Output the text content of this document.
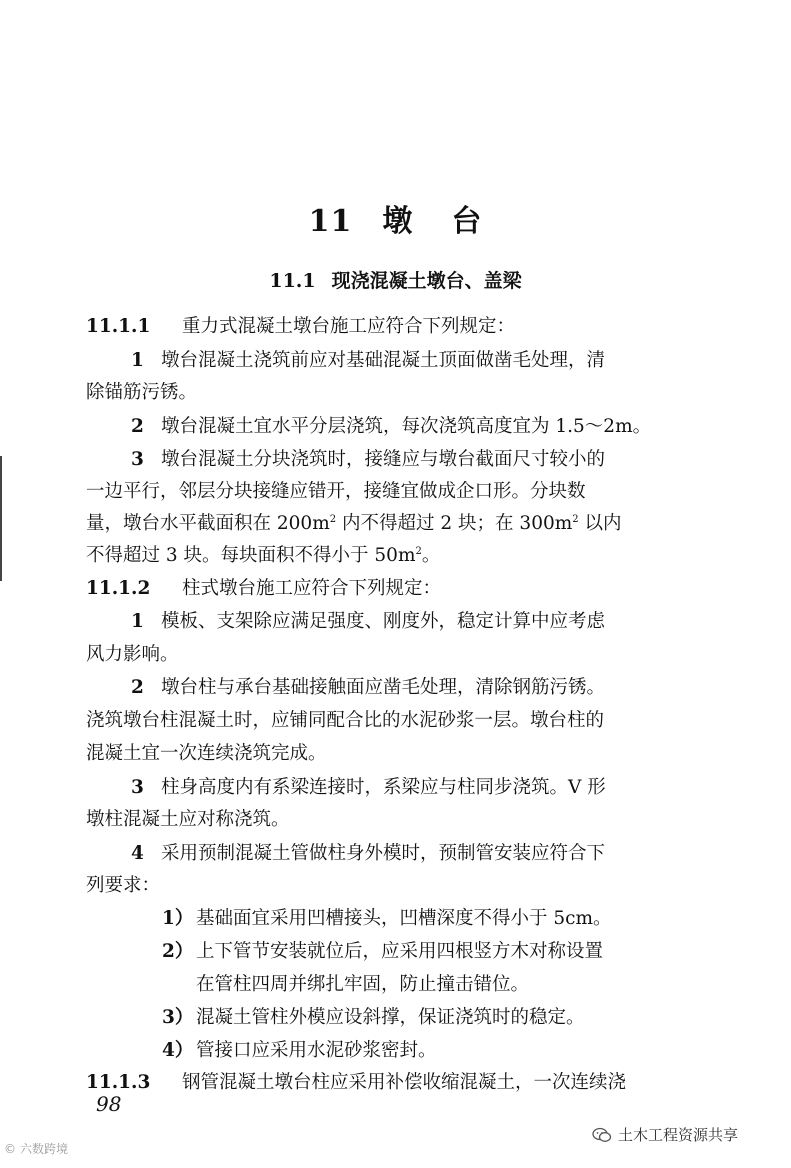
11 墩 台
11.1 现浇混凝土墩台、盖梁
11.1.1 重力式混凝土墩台施工应符合下列规定：
1 墩台混凝土浇筑前应对基础混凝土顶面做凿毛处理，清
除锚筋污锈。
2 墩台混凝土宜水平分层浇筑，每次浇筑高度宜为 1.5～2m。
3 墩台混凝土分块浇筑时，接缝应与墩台截面尺寸较小的
一边平行，邻层分块接缝应错开，接缝宜做成企口形。分块数
量，墩台水平截面积在 $200m^2$ 内不得超过 2 块；在 $300m^2$ 以内
不得超过 3 块。每块面积不得小于 $50m^2$。
11.1.2 柱式墩台施工应符合下列规定：
1 模板、支架除应满足强度、刚度外，稳定计算中应考虑
风力影响。
2 墩台柱与承台基础接触面应凿毛处理，清除钢筋污锈。
浇筑墩台柱混凝土时，应铺同配合比的水泥砂浆一层。墩台柱的
混凝土宜一次连续浇筑完成。
3 柱身高度内有系梁连接时，系梁应与柱同步浇筑。V 形
墩柱混凝土应对称浇筑。
4 采用预制混凝土管做柱身外模时，预制管安装应符合下
列要求：
1） 基础面宜采用凹槽接头，凹槽深度不得小于 5cm。
2） 上下管节安装就位后，应采用四根竖方木对称设置
在管柱四周并绑扎牢固，防止撞击错位。
3） 混凝土管柱外模应设斜撑，保证浇筑时的稳定。
4） 管接口应采用水泥砂浆密封。
11.1.3 钢管混凝土墩台柱应采用补偿收缩混凝土，一次连续浇
98
© 六数跨境
土木工程资源共享
